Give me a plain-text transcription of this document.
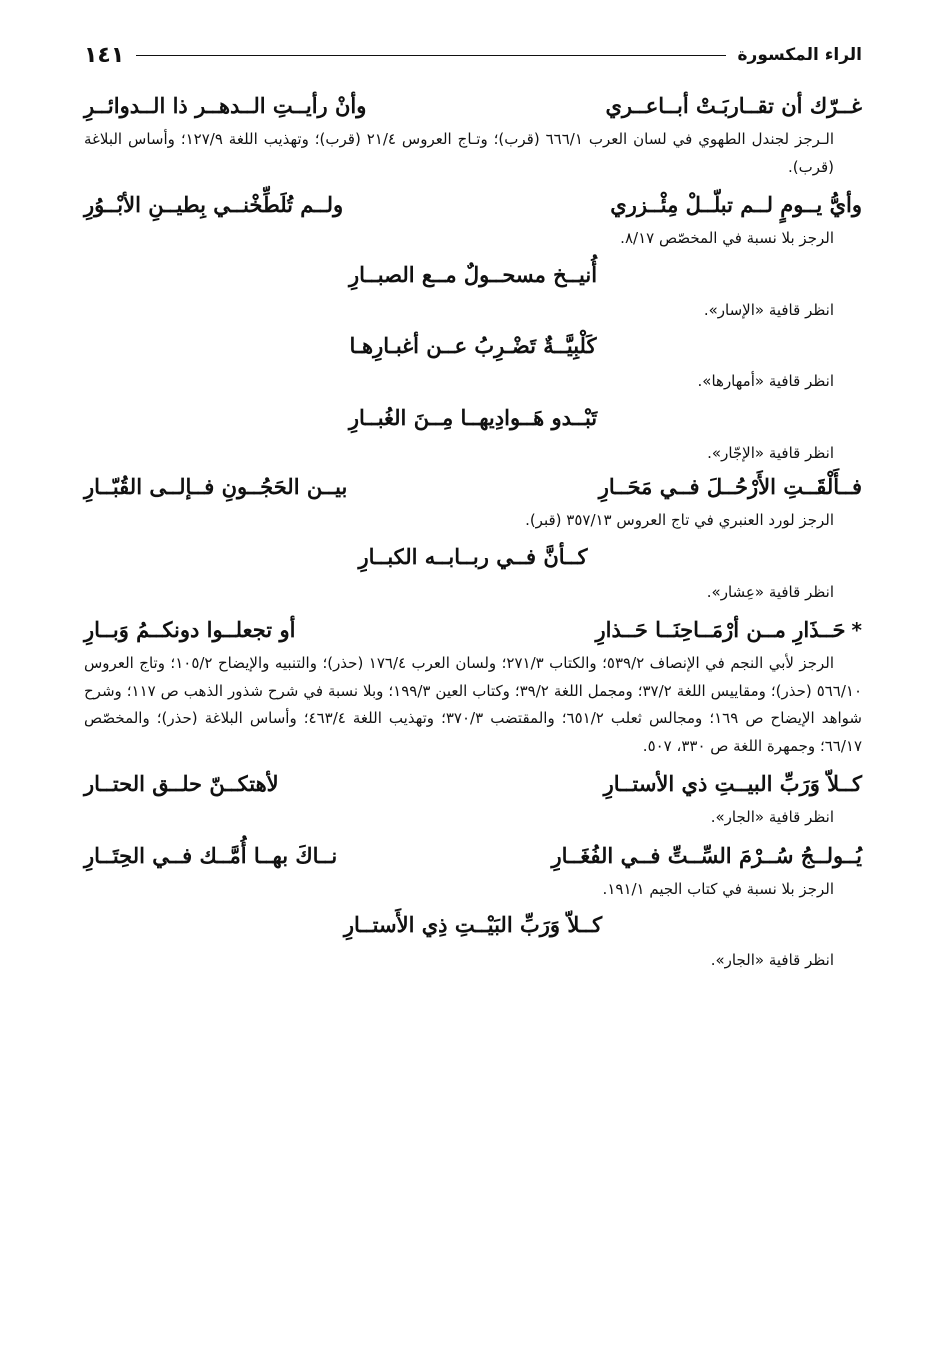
الراء المكسورة
١٤١
غــرّك أن تقــاربَـتْ أبــاعــري
وأنْ رأيــتِ الــدهــر ذا الــدوائــرِ

الـرجز لجندل الطهوي في لسان العرب ٦٦٦/١ (قرب)؛ وتـاج العروس ٢١/٤ (قرب)؛ وتهذيب اللغة ١٢٧/٩؛ وأساس البلاغة (قرب).

وأيُّ يــومٍ لــم تبلّــلْ مِئْــزري
ولــم تُلَطِّخْنــي بِطيــنِ الأبْــوُرِ

الرجز بلا نسبة في المخصّص ٨/١٧.

أُنيــخ مسحــولٌ مــع الصبــارِ

انظر قافية «الإسار».

كَلْبِيَّــةٌ تَضْـرِبُ عــن أغبـارِهـا

انظر قافية «أمهارها».

تَبْــدو هَــوادِيهــا مِــنَ الغُبــارِ

انظر قافية «الإجّار».

فــأَلْقَــتِ الأَرْحُــلَ فــي مَحَــارِ
بيــن الحَجُــونِ فــإلــى القُبّــارِ

الرجز لورد العنبري في تاج العروس ٣٥٧/١٣ (قبر).

كــأنَّ فــي ربــابــه الكبــارِ

انظر قافية «عِشار».

*حَــذَارِ مــن أرْمَــاحِنَــا حَــذارِ
أو تجعلــوا دونكــمُ وَبــارِ

الرجز لأبي النجم في الإنصاف ٥٣٩/٢؛ والكتاب ٢٧١/٣؛ ولسان العرب ١٧٦/٤ (حذر)؛ والتنبيه والإيضاح ١٠٥/٢؛ وتاج العروس ٥٦٦/١٠ (حذر)؛ ومقاييس اللغة ٣٧/٢؛ ومجمل اللغة ٣٩/٢؛ وكتاب العين ١٩٩/٣؛ وبلا نسبة في شرح شذور الذهب ص ١١٧؛ وشرح شواهد الإيضاح ص ١٦٩؛ ومجالس ثعلب ٦٥١/٢؛ والمقتضب ٣٧٠/٣؛ وتهذيب اللغة ٤٦٣/٤؛ وأساس البلاغة (حذر)؛ والمخصّص ٦٦/١٧؛ وجمهرة اللغة ص ٣٣٠، ٥٠٧.

كــلاّ وَرَبِّ البيــتِ ذي الأستــارِ
لأهتكــنّ حلــق الحتــار

انظر قافية «الجار».

يُــولــجُ سُــرْمَ السِّــتِّ فــي الفُغَــارِ
نــاكَ بهــا أُمَّــك فــي الحِتَــارِ

الرجز بلا نسبة في كتاب الجيم ١٩١/١.

كــلاّ وَرَبِّ البَيْــتِ ذِي الأَستــارِ

انظر قافية «الجار».
